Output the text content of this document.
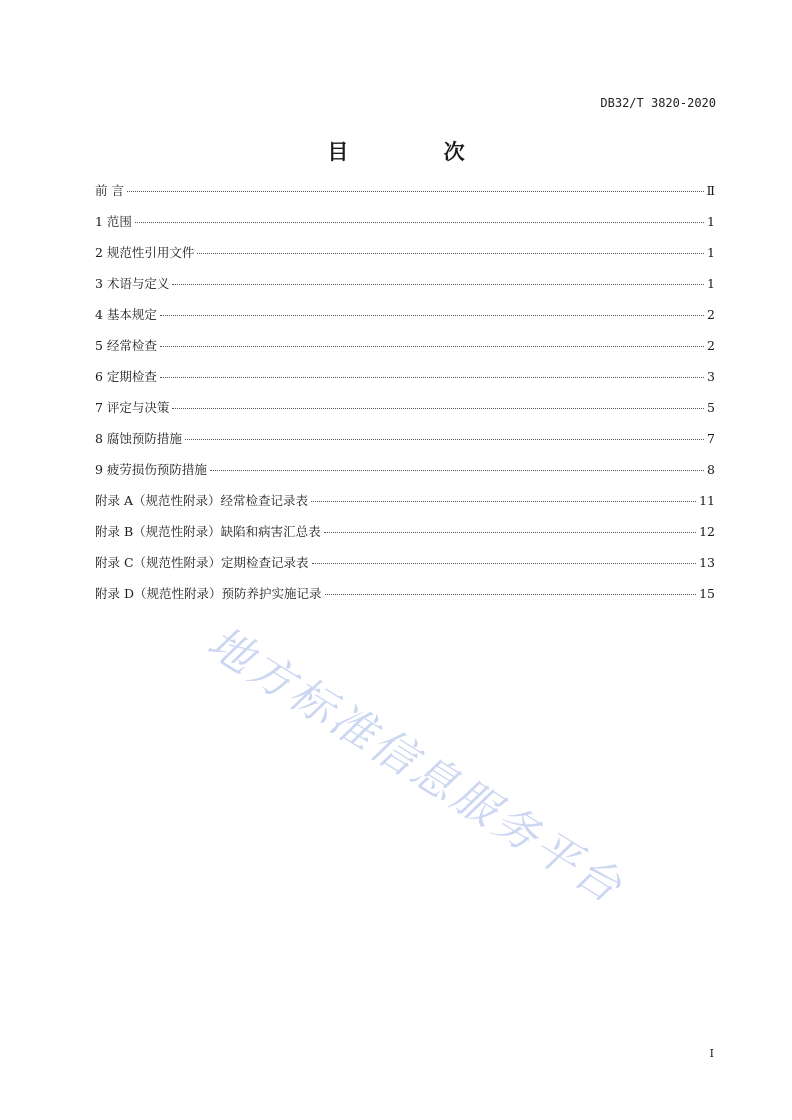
DB32/T 3820-2020
目 次
前 言	Ⅱ
1 范围	1
2 规范性引用文件	1
3 术语与定义	1
4 基本规定	2
5 经常检查	2
6 定期检查	3
7 评定与决策	5
8 腐蚀预防措施	7
9 疲劳损伤预防措施	8
附录 A（规范性附录）经常检查记录表	11
附录 B（规范性附录）缺陷和病害汇总表	12
附录 C（规范性附录）定期检查记录表	13
附录 D（规范性附录）预防养护实施记录	15
地方标准信息服务平台
I
